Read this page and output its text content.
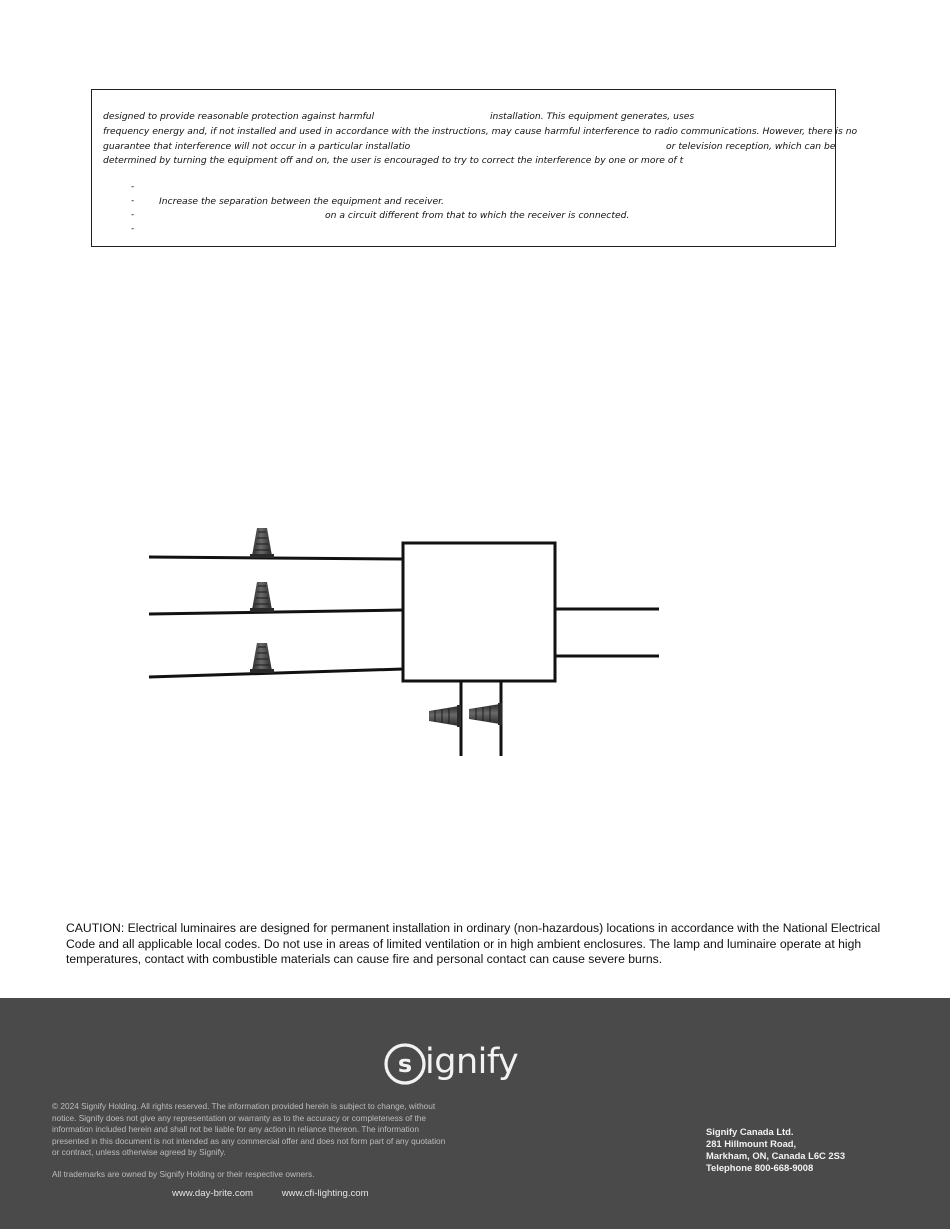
designed to provide reasonable protection against harmful	installation. This equipment generates, uses
frequency energy and, if not installed and used in accordance with the instructions, may cause harmful interference to radio communications. However, there is no
guarantee that interference will not occur in a particular installatio	or television reception, which can be
determined by turning the equipment off and on, the user is encouraged to try to correct the interference by one or more of t
-
-	Increase the separation between the equipment and receiver.
-	on a circuit different from that to which the receiver is connected.
-
CAUTION: Electrical luminaires are designed for permanent installation in ordinary (non-hazardous) locations in accordance with the National Electrical Code and all applicable local codes. Do not use in areas of limited ventilation or in high ambient enclosures. The lamp and luminaire operate at high temperatures, contact with combustible materials can cause fire and personal contact can cause severe burns.
s ignify

© 2024 Signify Holding. All rights reserved. The information provided herein is subject to change, without notice. Signify does not give any representation or warranty as to the accuracy or completeness of the information included herein and shall not be liable for any action in reliance thereon. The information presented in this document is not intended as any commercial offer and does not form part of any quotation or contract, unless otherwise agreed by Signify.

All trademarks are owned by Signify Holding or their respective owners.

www.day-brite.com	www.cfi-lighting.com
Signify Canada Ltd.
281 Hillmount Road,
Markham, ON, Canada L6C 2S3
Telephone 800-668-9008
